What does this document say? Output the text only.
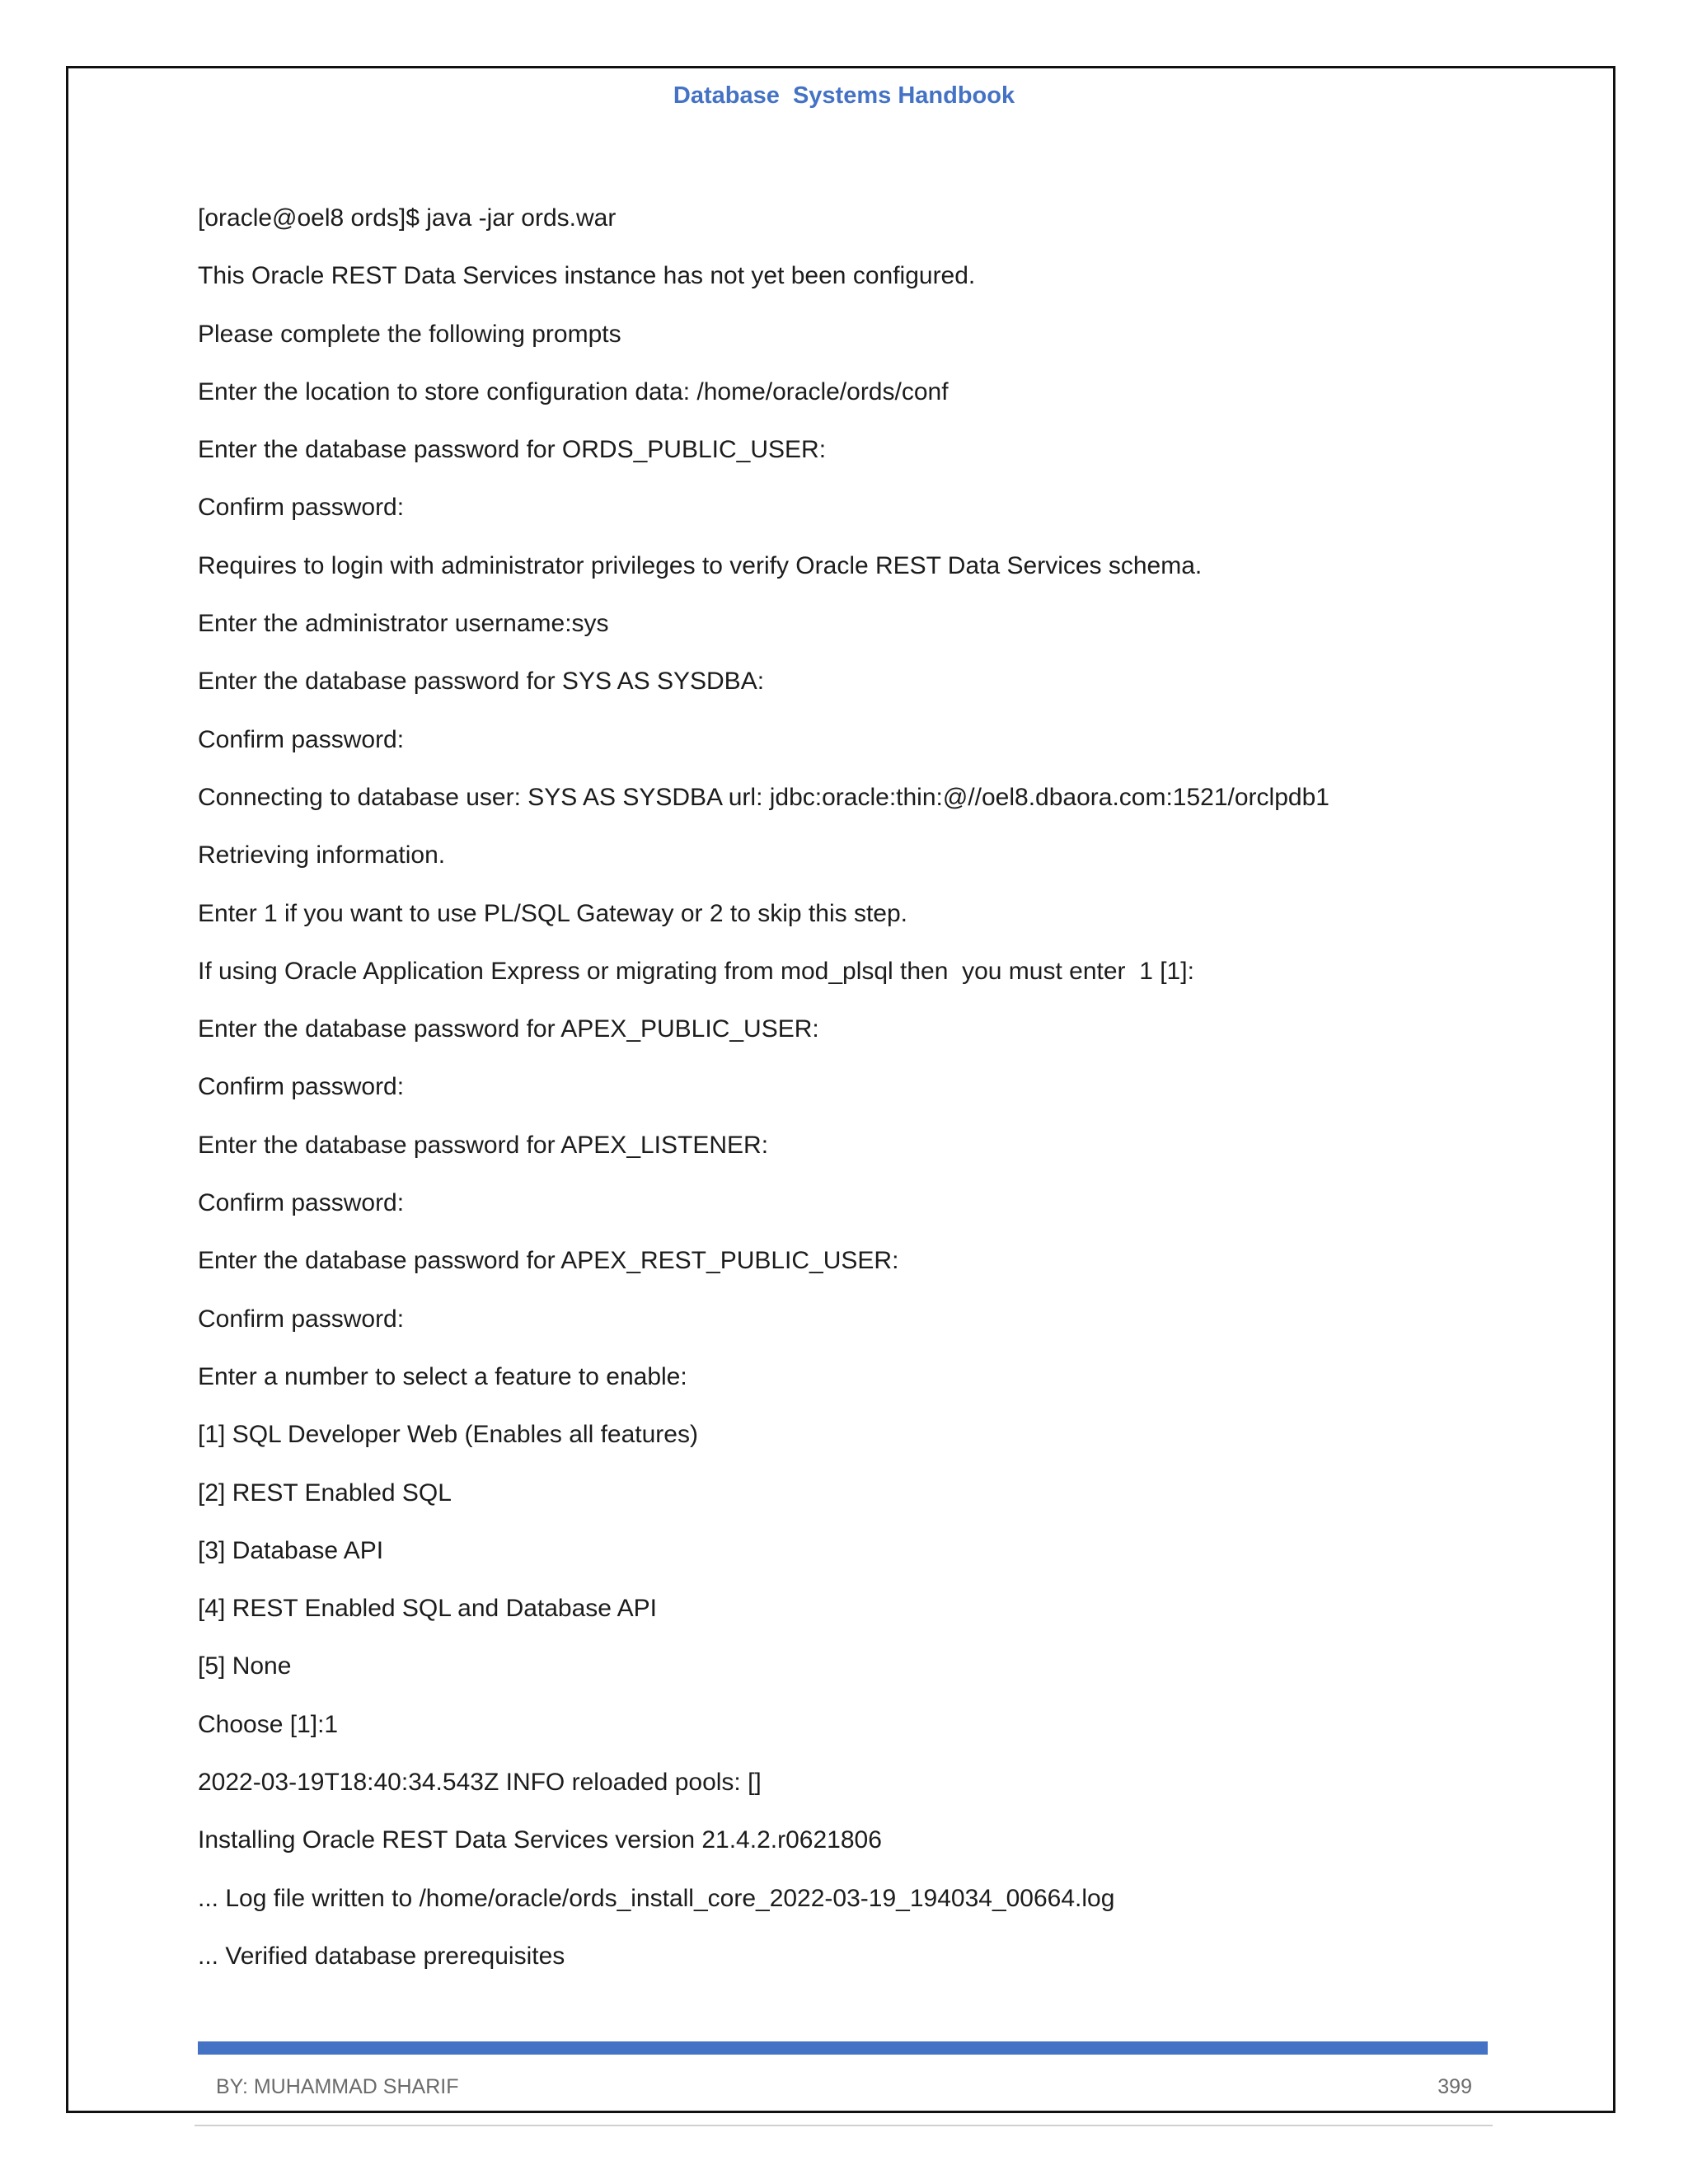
Database  Systems Handbook
[oracle@oel8 ords]$ java -jar ords.war
This Oracle REST Data Services instance has not yet been configured.
Please complete the following prompts
Enter the location to store configuration data: /home/oracle/ords/conf
Enter the database password for ORDS_PUBLIC_USER:
Confirm password:
Requires to login with administrator privileges to verify Oracle REST Data Services schema.
Enter the administrator username:sys
Enter the database password for SYS AS SYSDBA:
Confirm password:
Connecting to database user: SYS AS SYSDBA url: jdbc:oracle:thin:@//oel8.dbaora.com:1521/orclpdb1
Retrieving information.
Enter 1 if you want to use PL/SQL Gateway or 2 to skip this step.
If using Oracle Application Express or migrating from mod_plsql then  you must enter  1 [1]:
Enter the database password for APEX_PUBLIC_USER:
Confirm password:
Enter the database password for APEX_LISTENER:
Confirm password:
Enter the database password for APEX_REST_PUBLIC_USER:
Confirm password:
Enter a number to select a feature to enable:
[1] SQL Developer Web (Enables all features)
[2] REST Enabled SQL
[3] Database API
[4] REST Enabled SQL and Database API
[5] None
Choose [1]:1
2022-03-19T18:40:34.543Z INFO reloaded pools: []
Installing Oracle REST Data Services version 21.4.2.r0621806
... Log file written to /home/oracle/ords_install_core_2022-03-19_194034_00664.log
... Verified database prerequisites
BY: MUHAMMAD SHARIF	399
